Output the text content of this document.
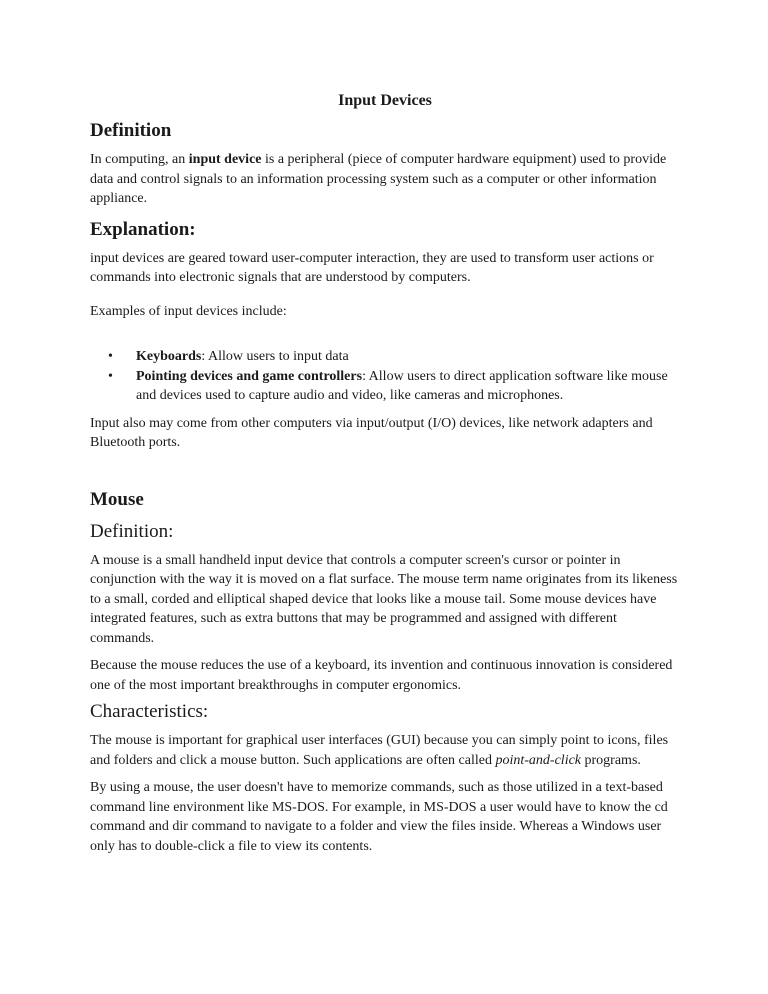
Input Devices
Definition

In computing, an input device is a peripheral (piece of computer hardware equipment) used to provide data and control signals to an information processing system such as a computer or other information appliance.

Explanation:

input devices are geared toward user-computer interaction, they are used to transform user actions or commands into electronic signals that are understood by computers.

Examples of input devices include:

•	Keyboards: Allow users to input data
•	Pointing devices and game controllers: Allow users to direct application software like mouse and devices used to capture audio and video, like cameras and microphones.

Input also may come from other computers via input/output (I/O) devices, like network adapters and Bluetooth ports.

Mouse
Definition:

A mouse is a small handheld input device that controls a computer screen's cursor or pointer in conjunction with the way it is moved on a flat surface. The mouse term name originates from its likeness to a small, corded and elliptical shaped device that looks like a mouse tail. Some mouse devices have integrated features, such as extra buttons that may be programmed and assigned with different commands.

Because the mouse reduces the use of a keyboard, its invention and continuous innovation is considered one of the most important breakthroughs in computer ergonomics.

Characteristics:

The mouse is important for graphical user interfaces (GUI) because you can simply point to icons, files and folders and click a mouse button. Such applications are often called point-and-click programs.

By using a mouse, the user doesn't have to memorize commands, such as those utilized in a text-based command line environment like MS-DOS. For example, in MS-DOS a user would have to know the cd command and dir command to navigate to a folder and view the files inside. Whereas a Windows user only has to double-click a file to view its contents.
